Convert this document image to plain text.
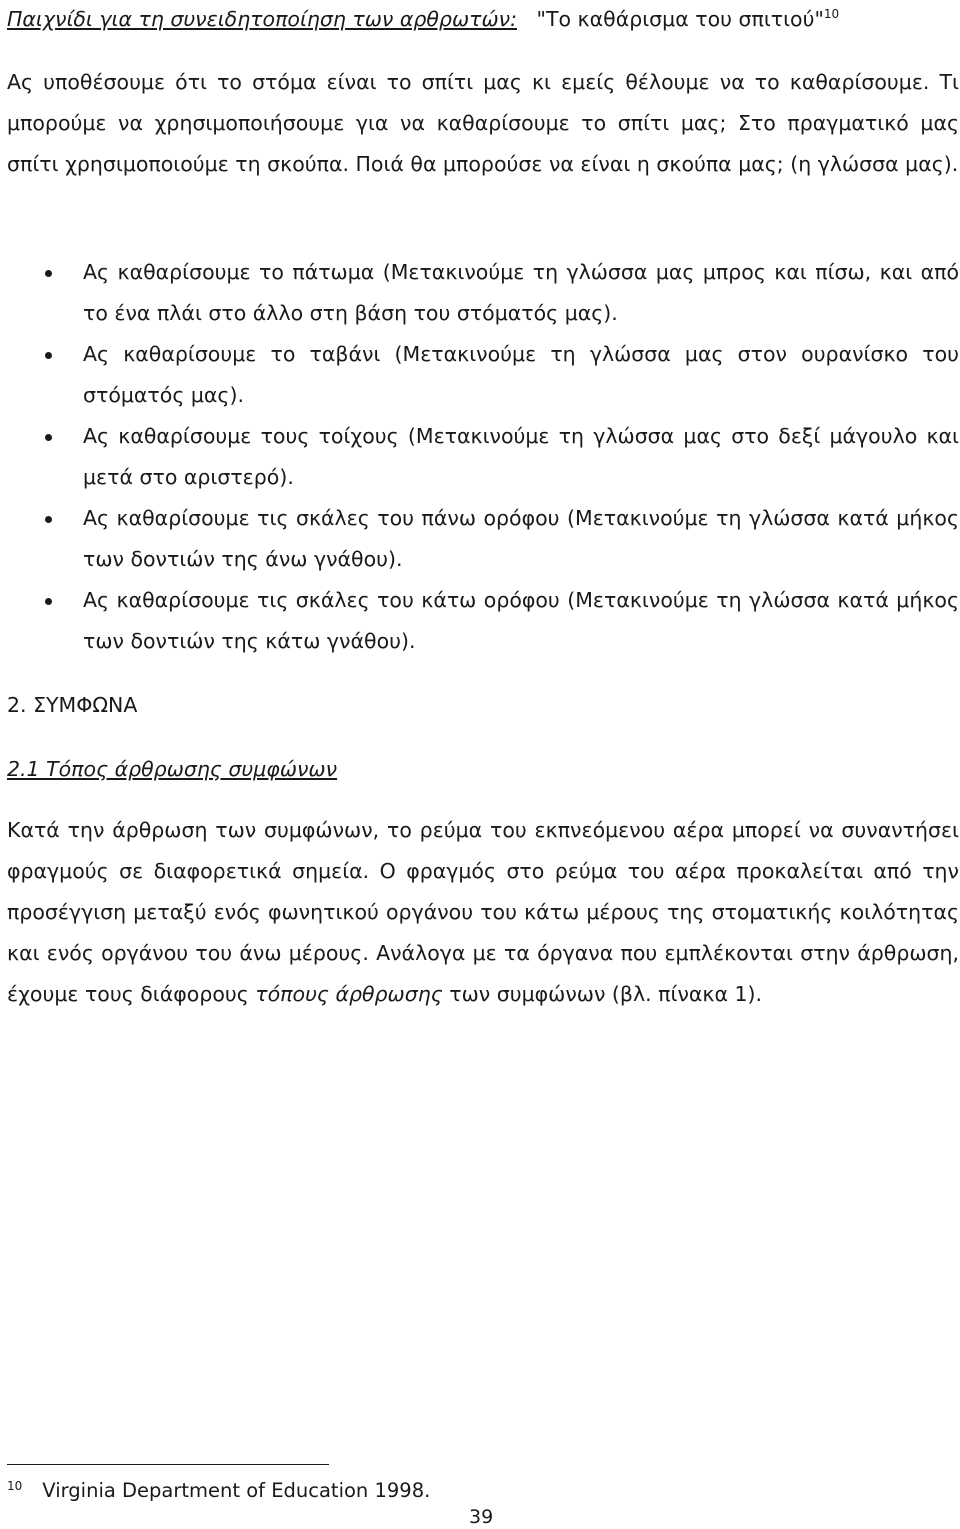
Παιχνίδι για τη συνειδητοποίηση των αρθρωτών: "Το καθάρισμα του σπιτιού"$^{10}$
Ας υποθέσουμε ότι το στόμα είναι το σπίτι μας κι εμείς θέλουμε να το καθαρίσουμε. Τι μπορούμε να χρησιμοποιήσουμε για να καθαρίσουμε το σπίτι μας; Στο πραγματικό μας σπίτι χρησιμοποιούμε τη σκούπα. Ποιά θα μπορούσε να είναι η σκούπα μας; (η γλώσσα μας).
Ας καθαρίσουμε το πάτωμα (Μετακινούμε τη γλώσσα μας μπρος και πίσω, και από το ένα πλάι στο άλλο στη βάση του στόματός μας).
Ας καθαρίσουμε το ταβάνι (Μετακινούμε τη γλώσσα μας στον ουρανίσκο του στόματός μας).
Ας καθαρίσουμε τους τοίχους (Μετακινούμε τη γλώσσα μας στο δεξί μάγουλο και μετά στο αριστερό).
Ας καθαρίσουμε τις σκάλες του πάνω ορόφου (Μετακινούμε τη γλώσσα κατά μήκος των δοντιών της άνω γνάθου).
Ας καθαρίσουμε τις σκάλες του κάτω ορόφου (Μετακινούμε τη γλώσσα κατά μήκος των δοντιών της κάτω γνάθου).
2. ΣΥΜΦΩΝΑ
2.1 Τόπος άρθρωσης συμφώνων
Κατά την άρθρωση των συμφώνων, το ρεύμα του εκπνεόμενου αέρα μπορεί να συναντήσει φραγμούς σε διαφορετικά σημεία. Ο φραγμός στο ρεύμα του αέρα προκαλείται από την προσέγγιση μεταξύ ενός φωνητικού οργάνου του κάτω μέρους της στοματικής κοιλότητας και ενός οργάνου του άνω μέρους. Ανάλογα με τα όργανα που εμπλέκονται στην άρθρωση, έχουμε τους διάφορους τόπους άρθρωσης των συμφώνων (βλ. πίνακα 1).
$^{10}$ Virginia Department of Education 1998.
39
